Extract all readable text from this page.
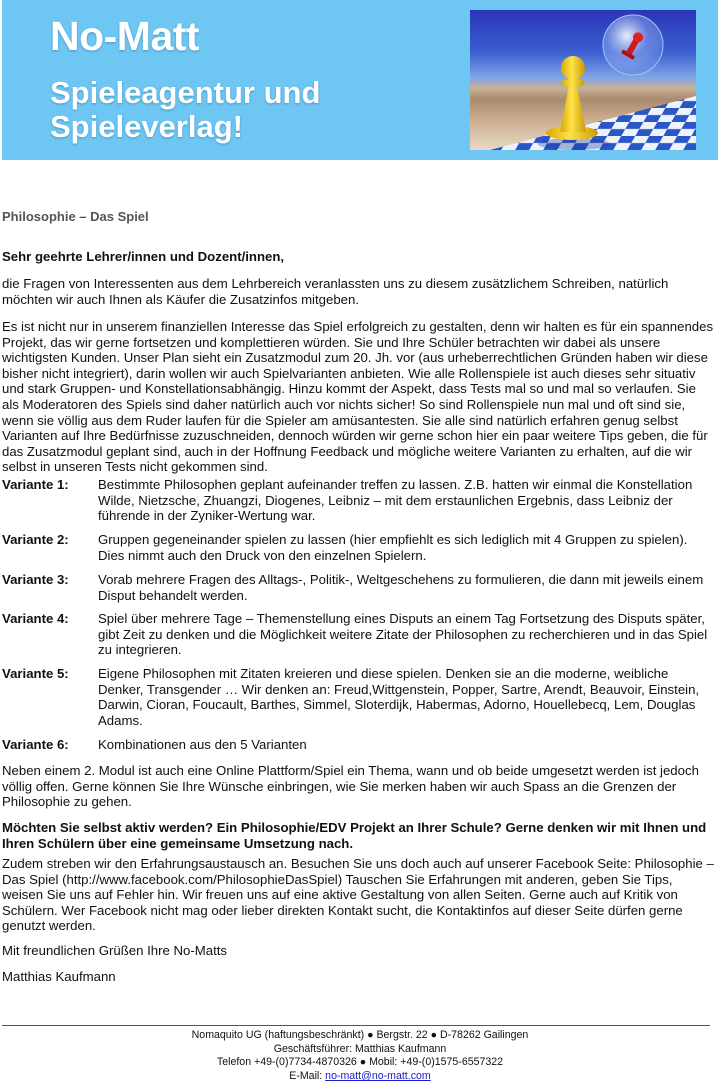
No-Matt
Spieleagentur und
Spieleverlag!
Philosophie – Das Spiel
Sehr geehrte Lehrer/innen und Dozent/innen,
die Fragen von Interessenten aus dem Lehrbereich veranlassten uns zu diesem zusätzlichem Schreiben, natürlich möchten wir auch Ihnen als Käufer die Zusatzinfos mitgeben.
Es ist nicht nur in unserem finanziellen Interesse das Spiel erfolgreich zu gestalten, denn wir halten es für ein spannendes Projekt, das wir gerne fortsetzen und komplettieren würden. Sie und Ihre Schüler betrachten wir dabei als unsere wichtigsten Kunden. Unser Plan sieht ein Zusatzmodul zum 20. Jh. vor (aus urheberrechtlichen Gründen haben wir diese bisher nicht integriert), darin wollen wir auch Spielvarianten anbieten. Wie alle Rollenspiele ist auch dieses sehr situativ und stark Gruppen- und Konstellationsabhängig. Hinzu kommt der Aspekt, dass Tests mal so und mal so verlaufen. Sie als Moderatoren des Spiels sind daher natürlich auch vor nichts sicher! So sind Rollenspiele nun mal und oft sind sie, wenn sie völlig aus dem Ruder laufen für die Spieler am amüsantesten. Sie alle sind natürlich erfahren genug selbst Varianten auf Ihre Bedürfnisse zuzuschneiden, dennoch würden wir gerne schon hier ein paar weitere Tips geben, die für das Zusatzmodul geplant sind, auch in der Hoffnung Feedback und mögliche weitere Varianten zu erhalten, auf die wir selbst in unseren Tests nicht gekommen sind.
Variante 1:	Bestimmte Philosophen geplant aufeinander treffen zu lassen. Z.B. hatten wir einmal die Konstellation Wilde, Nietzsche, Zhuangzi, Diogenes, Leibniz – mit dem erstaunlichen Ergebnis, dass Leibniz der führende in der Zyniker-Wertung war.
Variante 2:	Gruppen gegeneinander spielen zu lassen (hier empfiehlt es sich lediglich mit 4 Gruppen zu spielen). Dies nimmt auch den Druck von den einzelnen Spielern.
Variante 3:	Vorab mehrere Fragen des Alltags-, Politik-, Weltgeschehens zu formulieren, die dann mit jeweils einem Disput behandelt werden.
Variante 4:	Spiel über mehrere Tage – Themenstellung eines Disputs an einem Tag Fortsetzung des Disputs später, gibt Zeit zu denken und die Möglichkeit weitere Zitate der Philosophen zu recherchieren und in das Spiel zu integrieren.
Variante 5:	Eigene Philosophen mit Zitaten kreieren und diese spielen. Denken sie an die moderne, weibliche Denker, Transgender … Wir denken an: Freud,Wittgenstein, Popper, Sartre, Arendt, Beauvoir, Einstein, Darwin, Cioran, Foucault, Barthes, Simmel, Sloterdijk, Habermas, Adorno, Houellebecq, Lem, Douglas Adams.
Variante 6:	Kombinationen aus den 5 Varianten
Neben einem 2. Modul ist auch eine Online Plattform/Spiel ein Thema, wann und ob beide umgesetzt werden ist jedoch völlig offen. Gerne können Sie Ihre Wünsche einbringen, wie Sie merken haben wir auch Spass an die Grenzen der Philosophie zu gehen.
Möchten Sie selbst aktiv werden? Ein Philosophie/EDV Projekt an Ihrer Schule? Gerne denken wir mit Ihnen und Ihren Schülern über eine gemeinsame Umsetzung nach.
Zudem streben wir den Erfahrungsaustausch an. Besuchen Sie uns doch auch auf unserer Facebook Seite: Philosophie – Das Spiel (http://www.facebook.com/PhilosophieDasSpiel) Tauschen Sie Erfahrungen mit anderen, geben Sie Tips, weisen Sie uns auf Fehler hin. Wir freuen uns auf eine aktive Gestaltung von allen Seiten. Gerne auch auf Kritik von Schülern. Wer Facebook nicht mag oder lieber direkten Kontakt sucht, die Kontaktinfos auf dieser Seite dürfen gerne genutzt werden.
Mit freundlichen Grüßen Ihre No-Matts
Matthias Kaufmann
Nomaquito UG (haftungsbeschränkt) ● Bergstr. 22 ● D-78262 Gailingen
Geschäftsführer: Matthias Kaufmann
Telefon +49-(0)7734-4870326 ● Mobil: +49-(0)1575-6557322
E-Mail: no-matt@no-matt.com
